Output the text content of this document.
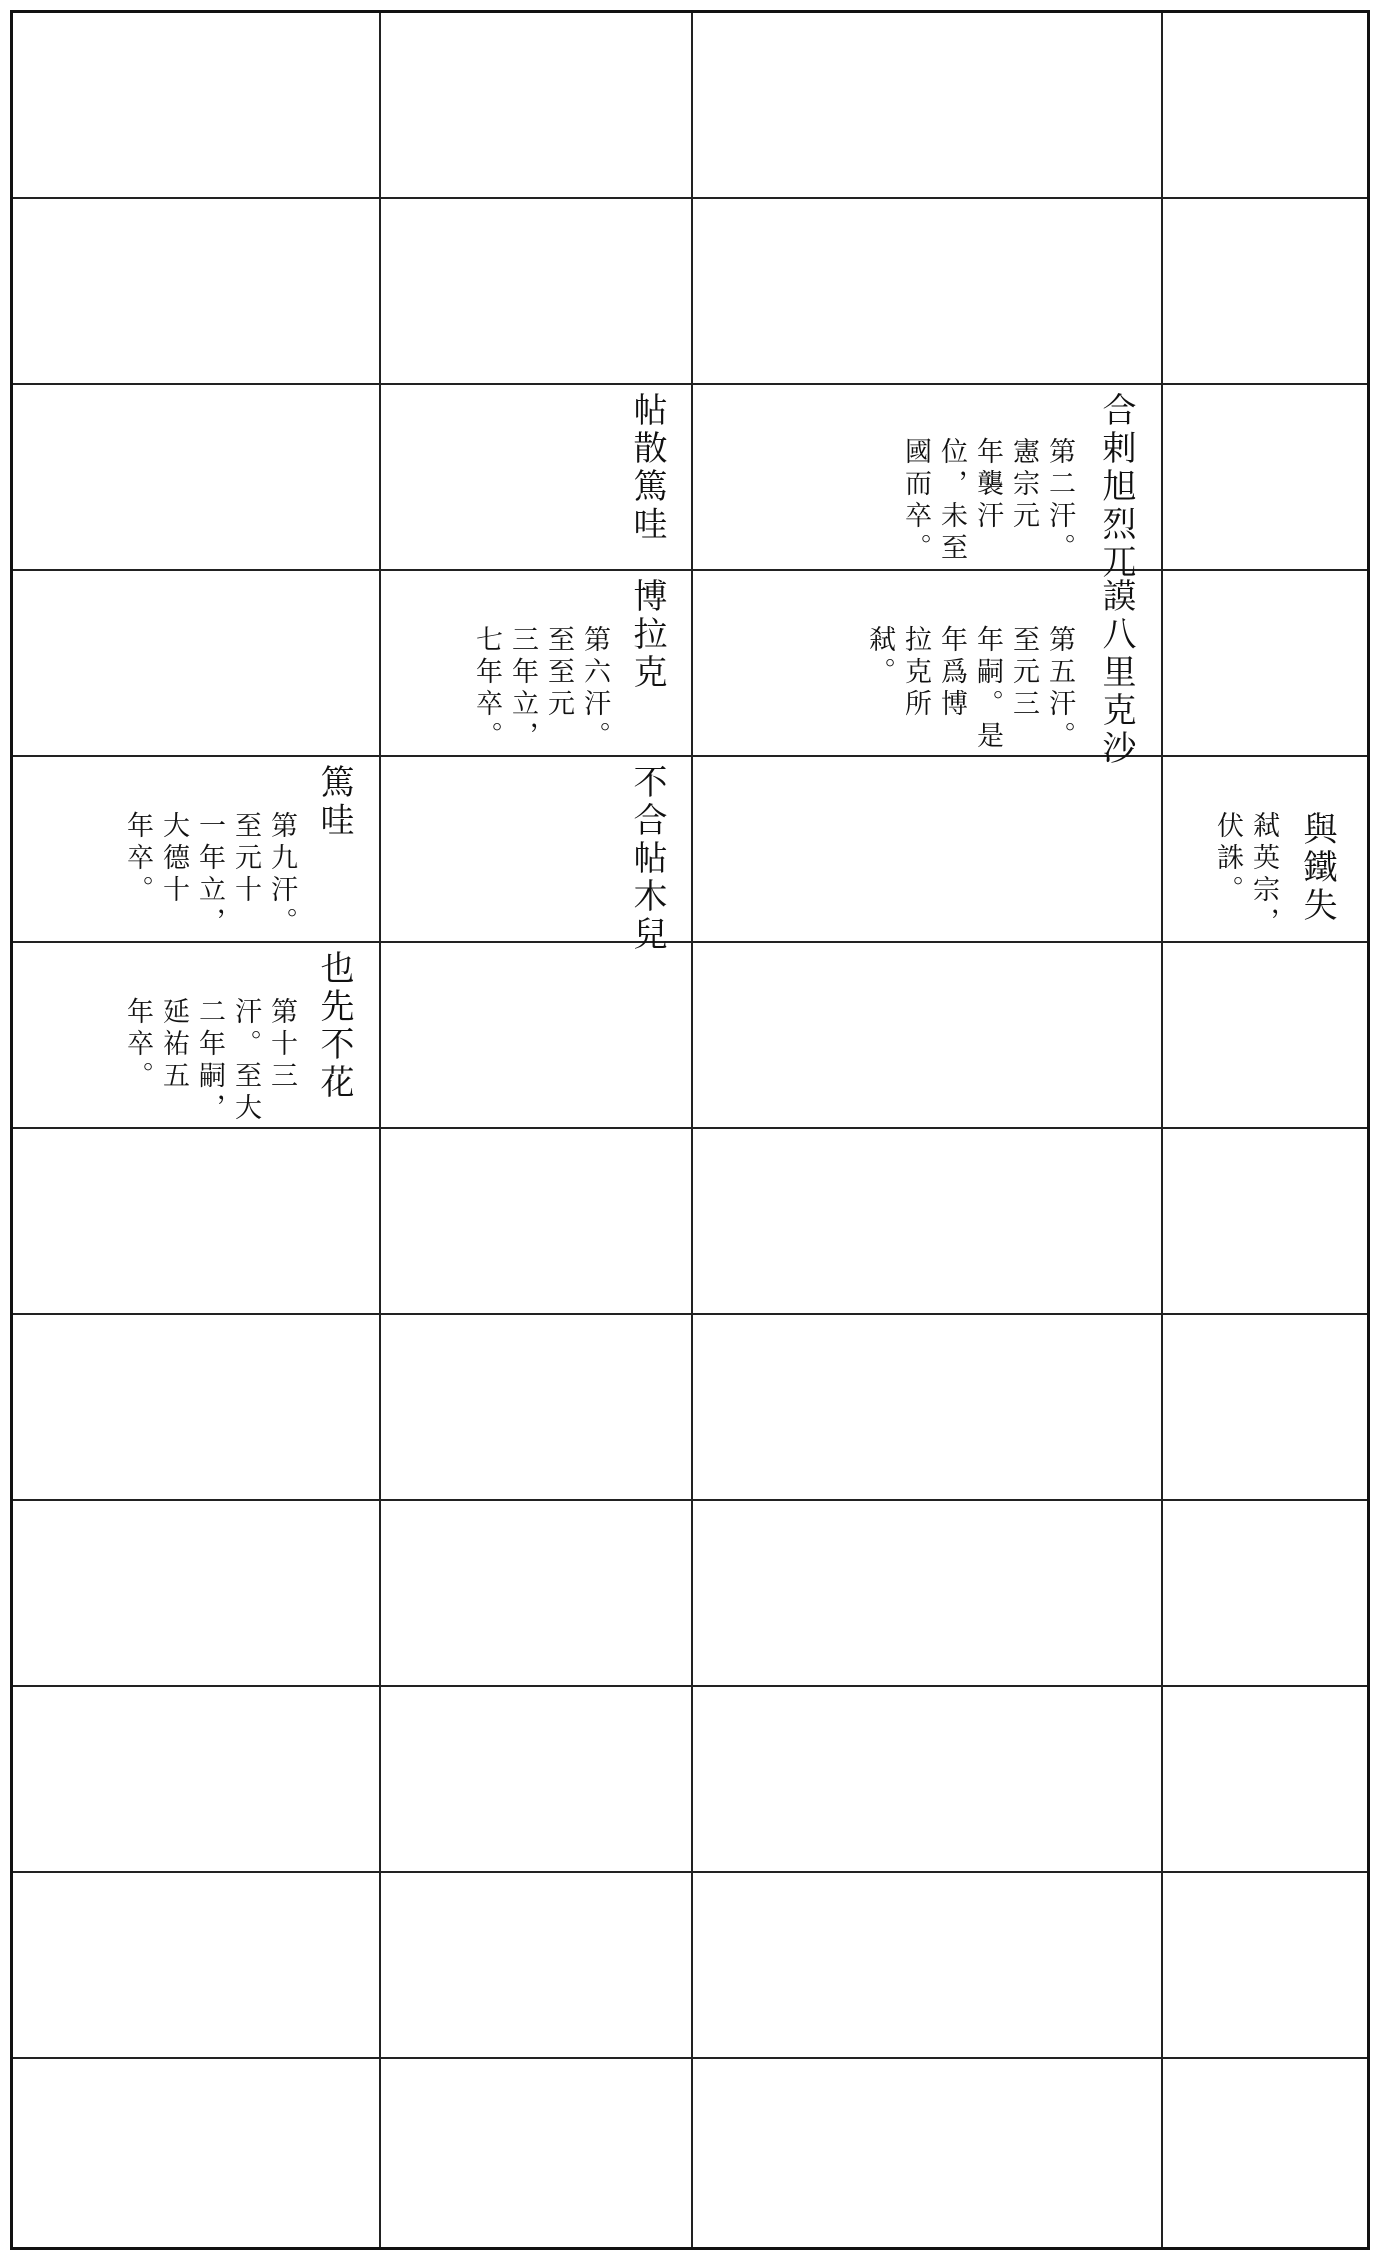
合剌旭烈兀
第二汗。
憲宗元
年襲汗
位，未至
國而卒。
帖散篤哇
謨八里克沙
第五汗。
至元三
年嗣。是
年爲博
拉克所
弒。
博拉克
第六汗。
至至元
三年立，
七年卒。
篤哇
第九汗。
至元十
一年立，
大德十
年卒。	不合帖木兒	與鐵失
弒英宗，
伏誅。
也先不花
第十三
汗。至大
二年嗣，
延祐五
年卒。
